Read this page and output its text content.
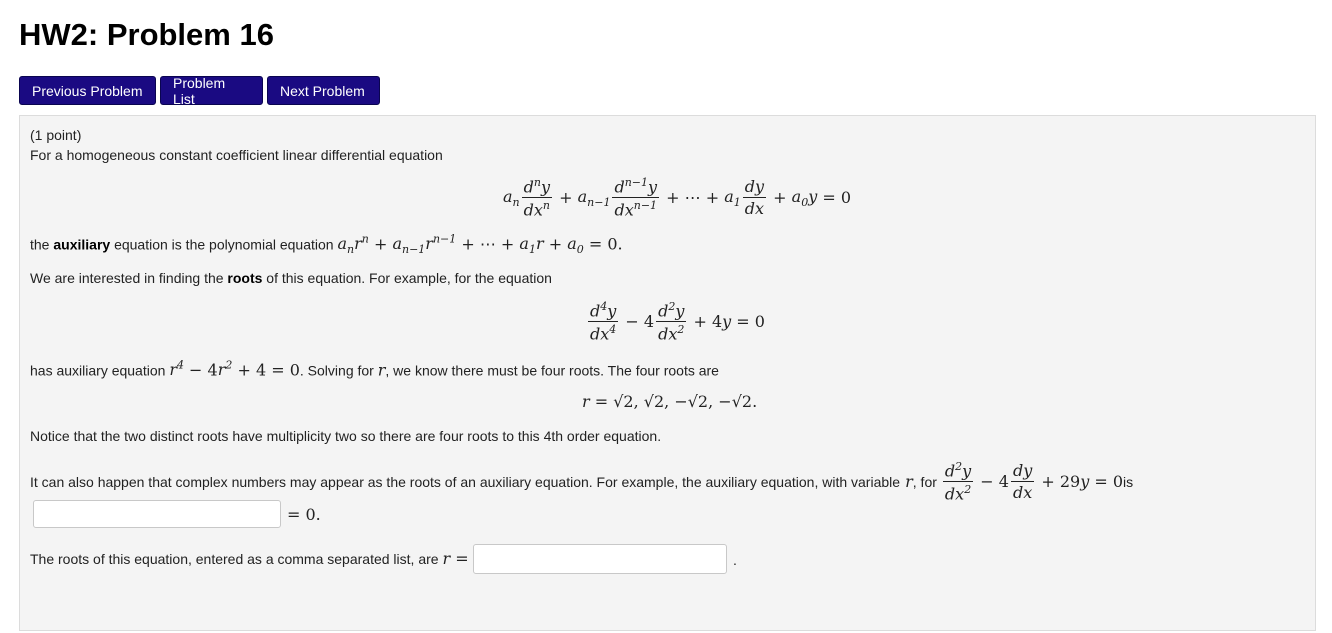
HW2: Problem 16
Previous Problem	Problem List	Next Problem
(1 point)
For a homogeneous constant coefficient linear differential equation
$a_n \frac{d^ny}{dx^n} + a_{n-1} \frac{d^{n-1}y}{dx^{n-1}}$ + ⋯ + $a_1 \frac{dy}{dx} + a_0y = 0$
the auxiliary equation is the polynomial equation $a_nr^n + a_{n-1}r^{n-1}$ + ⋯ + $a_1r + a_0 = 0$.
We are interested in finding the roots of this equation. For example, for the equation
$\frac{d^4y}{dx^4} - 4 \frac{d^2y}{dx^2} + 4y = 0$
has auxiliary equation $r^4 - 4r^2 + 4 = 0$. Solving for r, we know there must be four roots. The four roots are
r = √2, √2, −√2, −√2.
Notice that the two distinct roots have multiplicity two so there are four roots to this 4th order equation.
It can also happen that complex numbers may appear as the roots of an auxiliary equation. For example, the auxiliary equation, with variable r , for $\frac{d^2y}{dx^2} - 4 \frac{dy}{dx} + 29y = 0$ is
= 0.
The roots of this equation, entered as a comma separated list, are r =	.
